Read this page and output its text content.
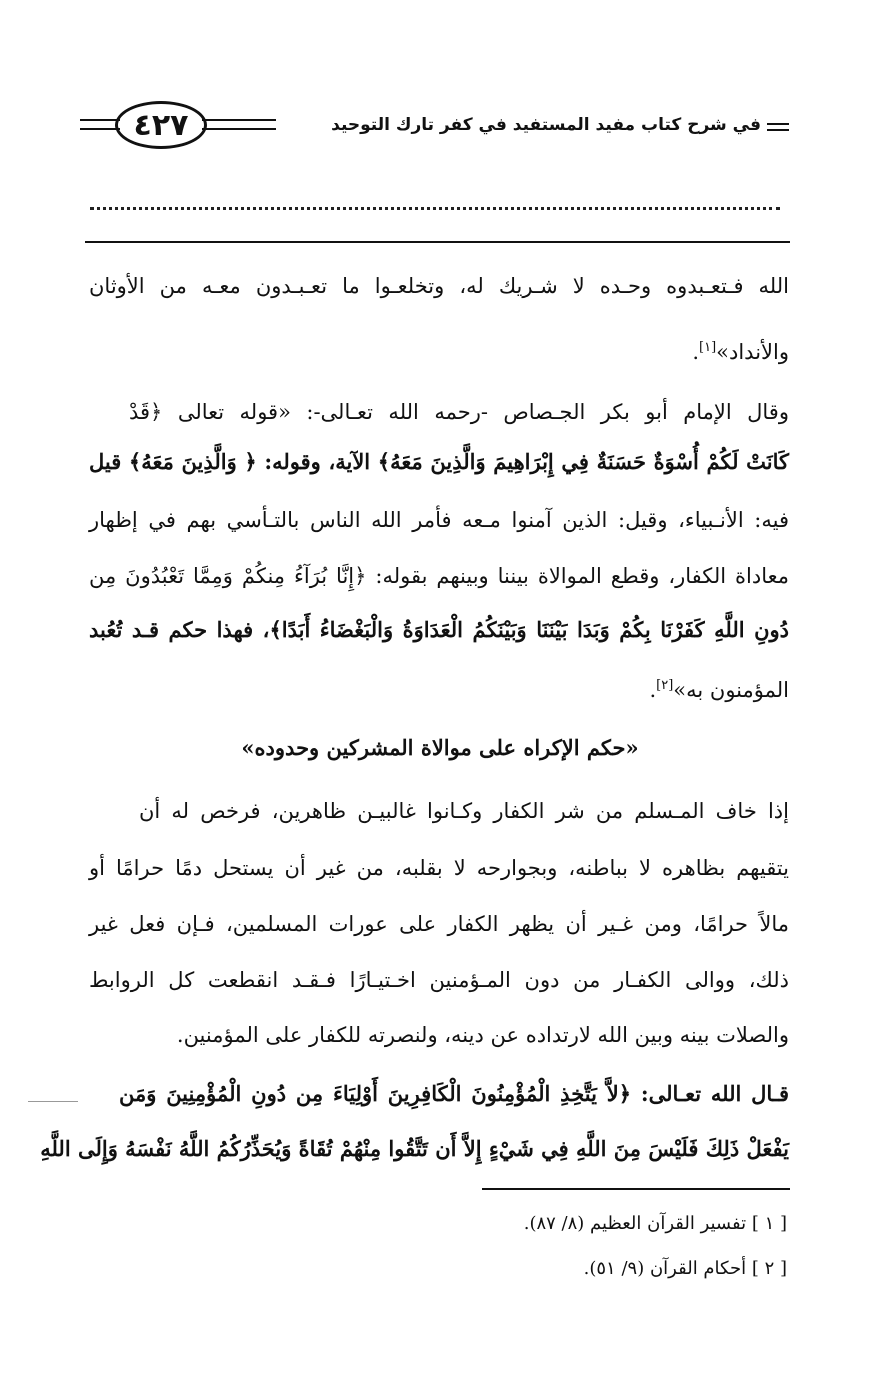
٤٢٧	في شرح كتاب مفيد المستفيد في كفر تارك التوحيد
الله فـتعـبدوه وحـده لا شـريك له، وتخلعـوا ما تعـبـدون معـه من الأوثان
والأنداد»[١].
وقال الإمام أبو بكر الجـصاص -رحمه الله تعـالى-: «قوله تعالى ﴿قَدْ
كَانَتْ لَكُمْ أُسْوَةٌ حَسَنَةٌ فِي إِبْرَاهِيمَ وَالَّذِينَ مَعَهُ﴾ الآية، وقوله: ﴿ وَالَّذِينَ مَعَهُ﴾ قيل
فيه: الأنـبياء، وقيل: الذين آمنوا مـعه فأمر الله الناس بالتـأسي بهم في إظهار
معاداة الكفار، وقطع الموالاة بيننا وبينهم بقوله: ﴿إِنَّا بُرَآءُ مِنكُمْ وَمِمَّا تَعْبُدُونَ مِن
دُونِ اللَّهِ كَفَرْنَا بِكُمْ وَبَدَا بَيْنَنَا وَبَيْنَكُمُ الْعَدَاوَةُ وَالْبَغْضَاءُ أَبَدًا﴾، فهذا حكم قـد تُعُبد
المؤمنون به»[٢].
«حكم الإكراه على موالاة المشركين وحدوده»
إذا خاف المـسلم من شر الكفار وكـانوا غالبيـن ظاهرين، فرخص له أن
يتقيهم بظاهره لا بباطنه، وبجوارحه لا بقلبه، من غير أن يستحل دمًا حرامًا أو
مالاً حرامًا، ومن غـير أن يظهر الكفار على عورات المسلمين، فـإن فعل غير
ذلك، ووالى الكفـار من دون المـؤمنين اخـتيـارًا فـقـد انقطعت كل الروابط
والصلات بينه وبين الله لارتداده عن دينه، ولنصرته للكفار على المؤمنين.
قـال الله تعـالى: ﴿لاَّ يَتَّخِذِ الْمُؤْمِنُونَ الْكَافِرِينَ أَوْلِيَاءَ مِن دُونِ الْمُؤْمِنِينَ وَمَن
يَفْعَلْ ذَلِكَ فَلَيْسَ مِنَ اللَّهِ فِي شَيْءٍ إِلاَّ أَن تَتَّقُوا مِنْهُمْ تُقَاةً وَيُحَذِّرُكُمُ اللَّهُ نَفْسَهُ وَإِلَى اللَّهِ
[ ١ ] تفسير القرآن العظيم (٨/ ٨٧).
[ ٢ ] أحكام القرآن (٩/ ٥١).
